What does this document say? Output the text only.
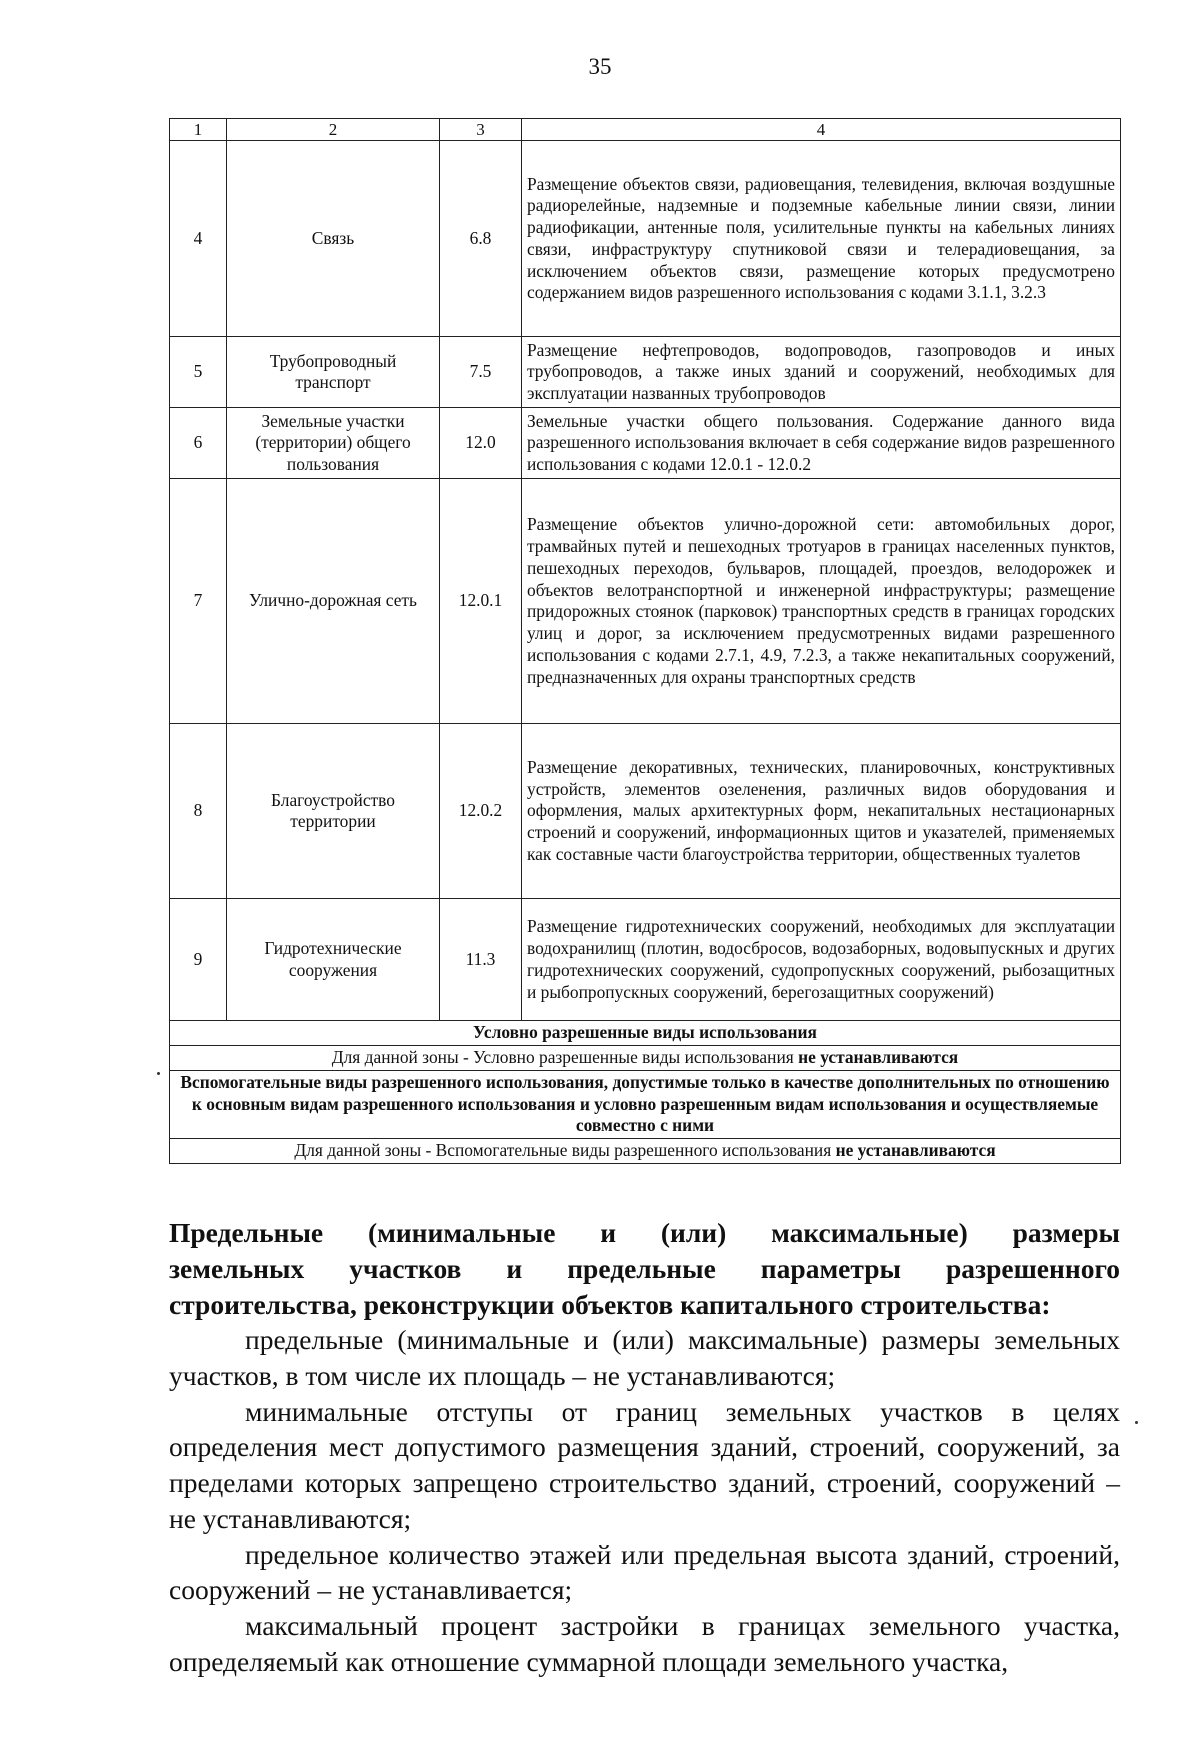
35
1	2	3	4
4	Связь	6.8	Размещение объектов связи, радиовещания, телевидения, включая воздушные радиорелейные, надземные и подземные кабельные линии связи, линии радиофикации, антенные поля, усилительные пункты на кабельных линиях связи, инфраструктуру спутниковой связи и телерадиовещания, за исключением объектов связи, размещение которых предусмотрено содержанием видов разрешенного использования с кодами 3.1.1, 3.2.3
5	Трубопроводный транспорт	7.5	Размещение нефтепроводов, водопроводов, газопроводов и иных трубопроводов, а также иных зданий и сооружений, необходимых для эксплуатации названных трубопроводов
6	Земельные участки (территории) общего пользования	12.0	Земельные участки общего пользования. Содержание данного вида разрешенного использования включает в себя содержание видов разрешенного использования с кодами 12.0.1 - 12.0.2
7	Улично-дорожная сеть	12.0.1	Размещение объектов улично-дорожной сети: автомобильных дорог, трамвайных путей и пешеходных тротуаров в границах населенных пунктов, пешеходных переходов, бульваров, площадей, проездов, велодорожек и объектов велотранспортной и инженерной инфраструктуры; размещение придорожных стоянок (парковок) транспортных средств в границах городских улиц и дорог, за исключением предусмотренных видами разрешенного использования с кодами 2.7.1, 4.9, 7.2.3, а также некапитальных сооружений, предназначенных для охраны транспортных средств
8	Благоустройство территории	12.0.2	Размещение декоративных, технических, планировочных, конструктивных устройств, элементов озеленения, различных видов оборудования и оформления, малых архитектурных форм, некапитальных нестационарных строений и сооружений, информационных щитов и указателей, применяемых как составные части благоустройства территории, общественных туалетов
9	Гидротехнические сооружения	11.3	Размещение гидротехнических сооружений, необходимых для эксплуатации водохранилищ (плотин, водосбросов, водозаборных, водовыпускных и других гидротехнических сооружений, судопропускных сооружений, рыбозащитных и рыбопропускных сооружений, берегозащитных сооружений)
Условно разрешенные виды использования			
Для данной зоны - Условно разрешенные виды использования не устанавливаются			
Вспомогательные виды разрешенного использования, допустимые только в качестве дополнительных по отношению к основным видам разрешенного использования и условно разрешенным видам использования и осуществляемые совместно с ними			
Для данной зоны - Вспомогательные виды разрешенного использования не устанавливаются			
Предельные (минимальные и (или) максимальные) размеры
земельных участков и предельные параметры разрешенного
строительства, реконструкции объектов капитального строительства:

предельные (минимальные и (или) максимальные) размеры земельных участков, в том числе их площадь – не устанавливаются;

минимальные отступы от границ земельных участков в целях определения мест допустимого размещения зданий, строений, сооружений, за пределами которых запрещено строительство зданий, строений, сооружений – не устанавливаются;

предельное количество этажей или предельная высота зданий, строений, сооружений – не устанавливается;

максимальный процент застройки в границах земельного участка, определяемый как отношение суммарной площади земельного участка,
